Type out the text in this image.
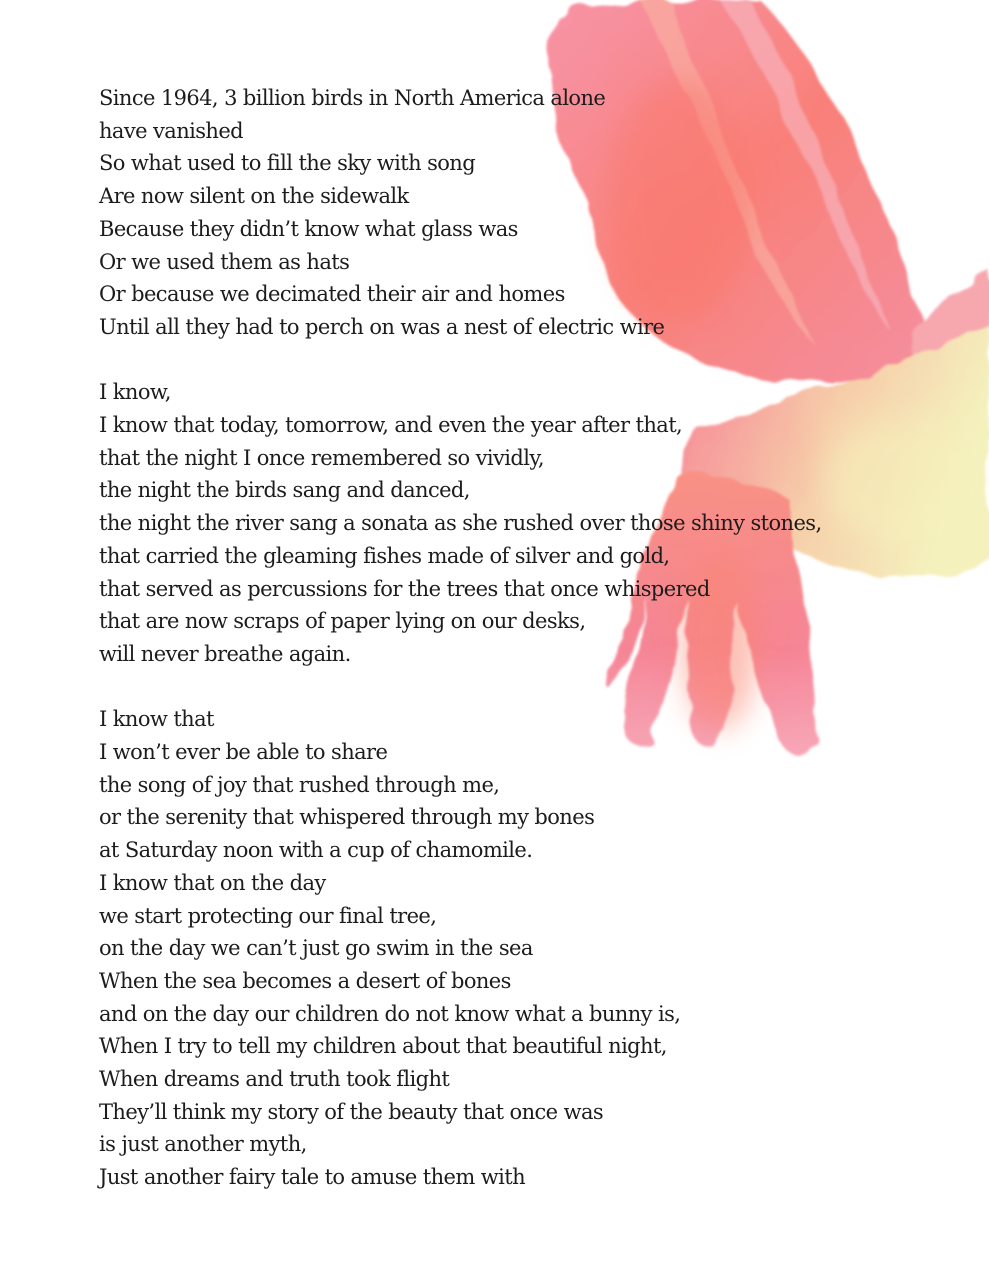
Since 1964, 3 billion birds in North America alone
have vanished
So what used to fill the sky with song
Are now silent on the sidewalk
Because they didn’t know what glass was
Or we used them as hats
Or because we decimated their air and homes
Until all they had to perch on was a nest of electric wire

I know,
I know that today, tomorrow, and even the year after that,
that the night I once remembered so vividly,
the night the birds sang and danced,
the night the river sang a sonata as she rushed over those shiny stones,
that carried the gleaming fishes made of silver and gold,
that served as percussions for the trees that once whispered
that are now scraps of paper lying on our desks,
will never breathe again.

I know that
I won’t ever be able to share
the song of joy that rushed through me,
or the serenity that whispered through my bones
at Saturday noon with a cup of chamomile.
I know that on the day
we start protecting our final tree,
on the day we can’t just go swim in the sea
When the sea becomes a desert of bones
and on the day our children do not know what a bunny is,
When I try to tell my children about that beautiful night,
When dreams and truth took flight
They’ll think my story of the beauty that once was
is just another myth,
Just another fairy tale to amuse them with
